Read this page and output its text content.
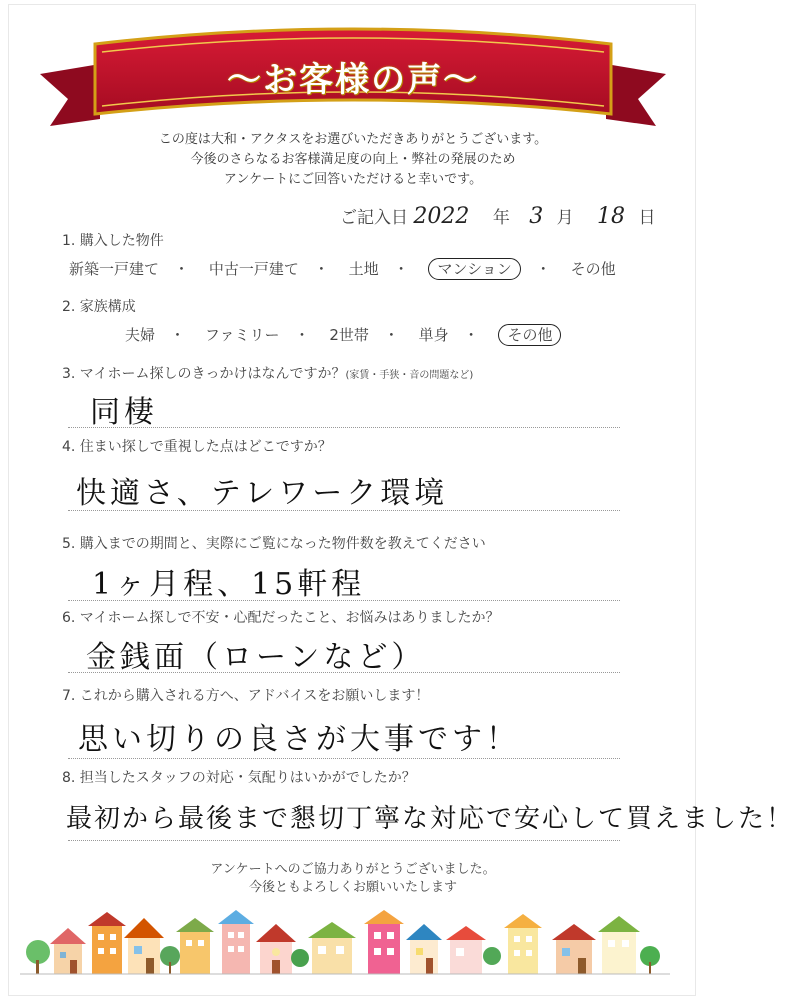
〜お客様の声〜
この度は大和・アクタスをお選びいただきありがとうございます。
今後のさらなるお客様満足度の向上・弊社の発展のため
アンケートにご回答いただけると幸いです。
ご記入日 2022 年 3 月 18 日
1. 購入した物件
新築一戸建て ・ 中古一戸建て ・ 土地 ・ マンション ・ その他
2. 家族構成
夫婦 ・ ファミリー ・ 2世帯 ・ 単身 ・ その他
3. マイホーム探しのきっかけはなんですか？(家賃・手狭・音の問題など)
同棲
4. 住まい探しで重視した点はどこですか？
快適さ、テレワーク環境
5. 購入までの期間と、実際にご覧になった物件数を教えてください
1ヶ月程、15軒程
6. マイホーム探しで不安・心配だったこと、お悩みはありましたか？
金銭面（ローンなど）
7. これから購入される方へ、アドバイスをお願いします！
思い切りの良さが大事です！
8. 担当したスタッフの対応・気配りはいかがでしたか？
最初から最後まで懇切丁寧な対応で安心して買えました！
アンケートへのご協力ありがとうございました。
今後ともよろしくお願いいたします
